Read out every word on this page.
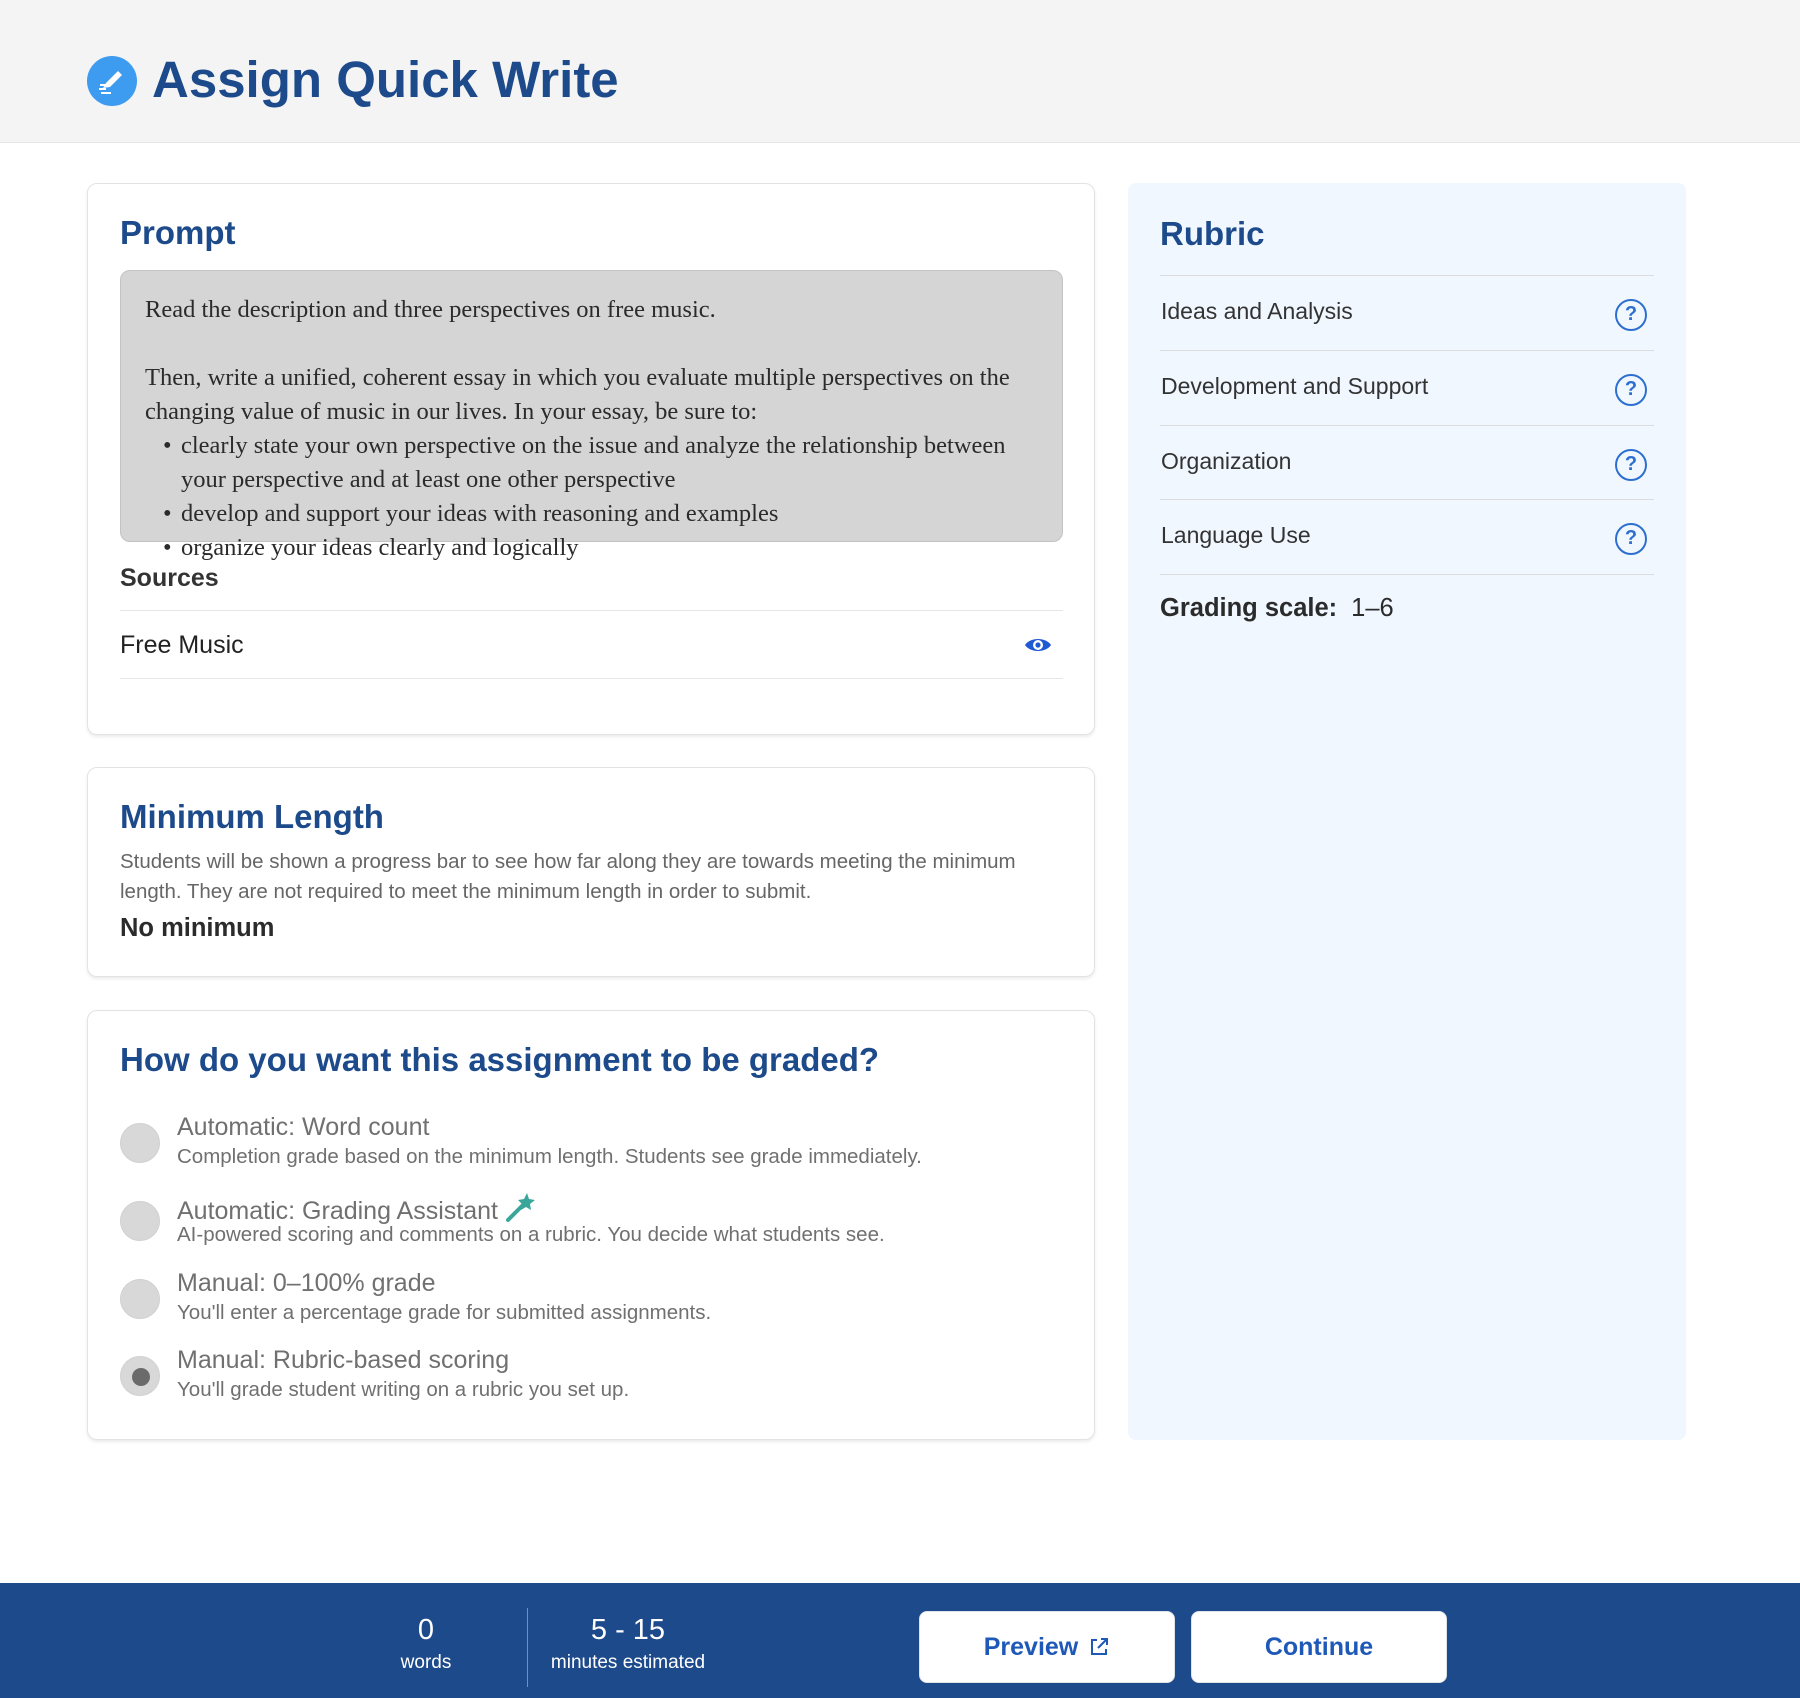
Assign Quick Write
Prompt

Read the description and three perspectives on free music.

Then, write a unified, coherent essay in which you evaluate multiple perspectives on the changing value of music in our lives. In your essay, be sure to:

• clearly state your own perspective on the issue and analyze the relationship between your perspective and at least one other perspective
• develop and support your ideas with reasoning and examples
• organize your ideas clearly and logically
Sources
Free Music
Minimum Length
Students will be shown a progress bar to see how far along they are towards meeting the minimum length. They are not required to meet the minimum length in order to submit.
No minimum
How do you want this assignment to be graded?
Automatic: Word count
Completion grade based on the minimum length. Students see grade immediately.
Automatic: Grading Assistant
AI-powered scoring and comments on a rubric. You decide what students see.
Manual: 0–100% grade
You'll enter a percentage grade for submitted assignments.
Manual: Rubric-based scoring
You'll grade student writing on a rubric you set up.
Rubric
Ideas and Analysis	?
Development and Support	?
Organization	?
Language Use	?
Grading scale: 1–6
0
words
5 - 15
minutes estimated
Preview	Continue
